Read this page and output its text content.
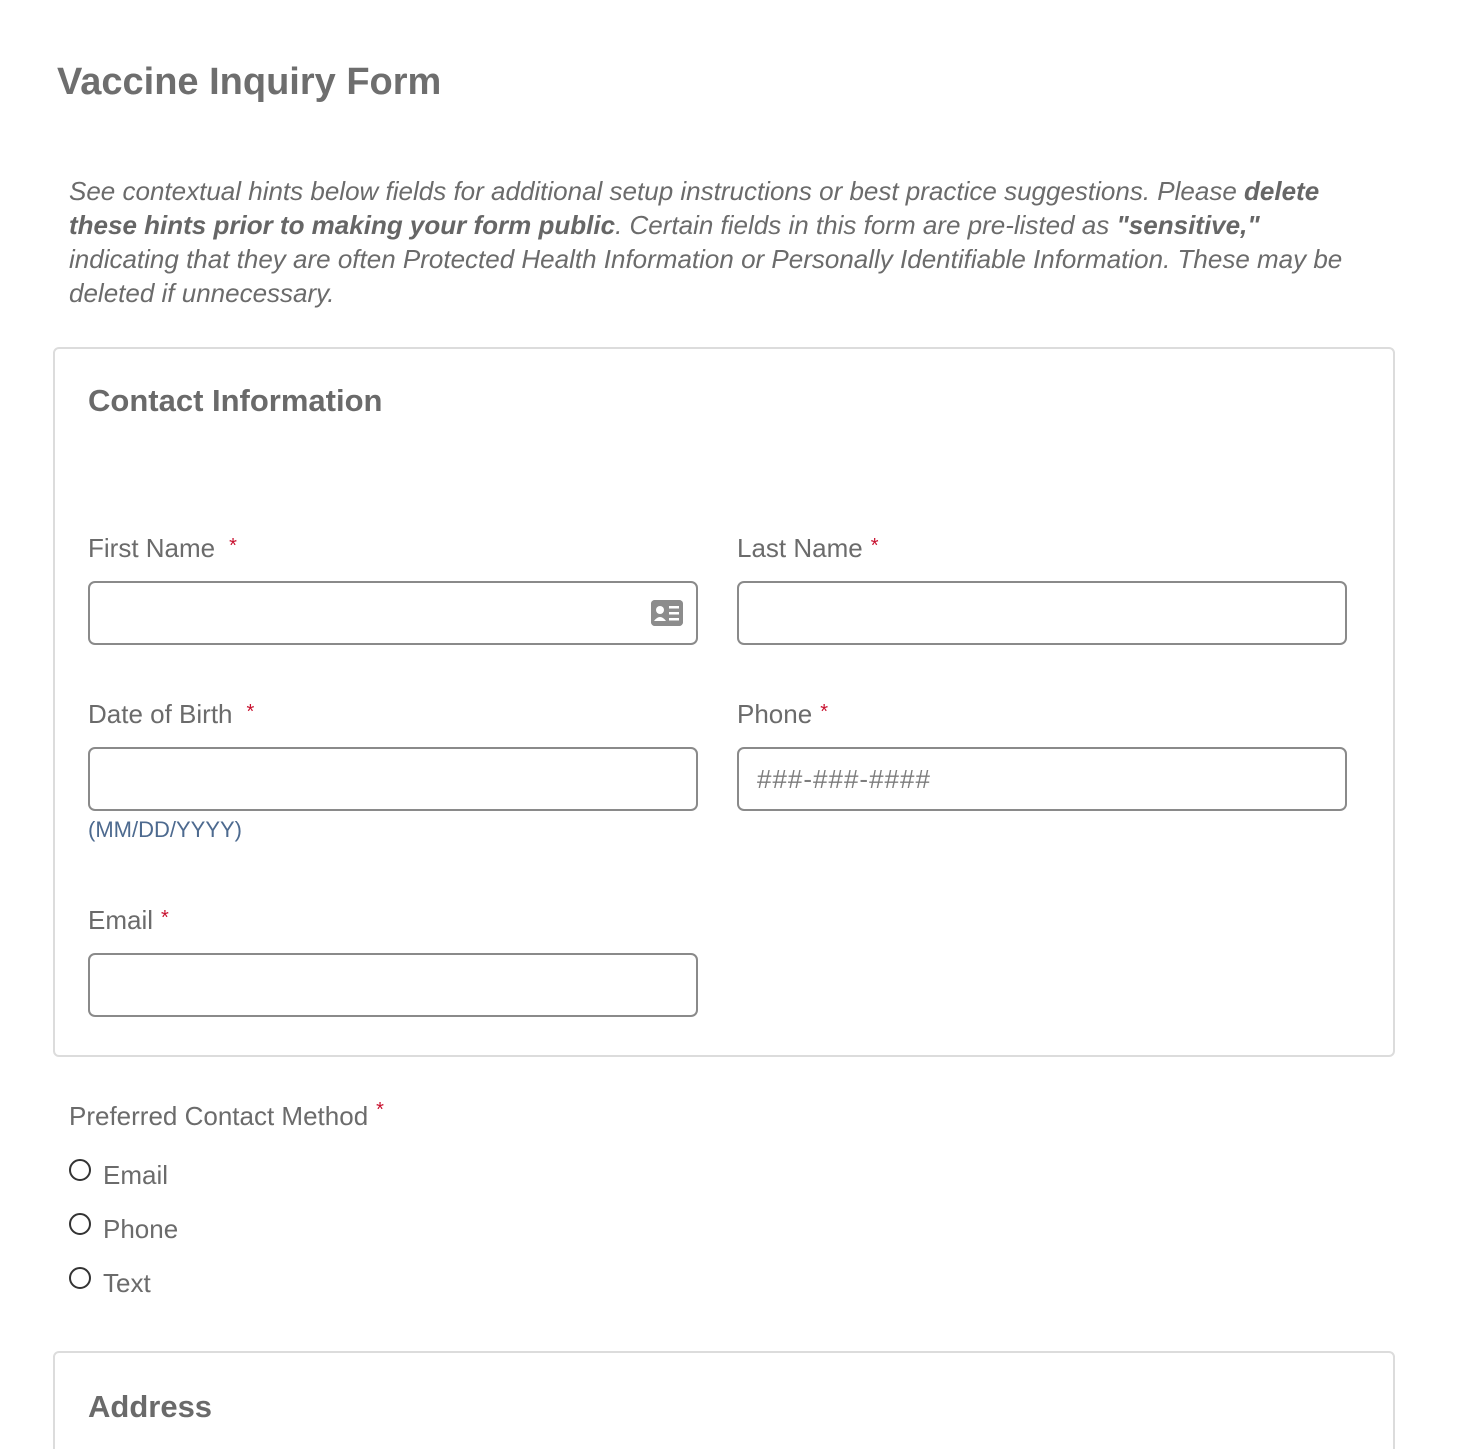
Vaccine Inquiry Form

See contextual hints below fields for additional setup instructions or best practice suggestions. Please delete these hints prior to making your form public. Certain fields in this form are pre-listed as "sensitive," indicating that they are often Protected Health Information or Personally Identifiable Information. These may be deleted if unnecessary.

Contact Information
First Name *	Last Name *
Date of Birth *
(MM/DD/YYYY)
Phone *
###-###-####
Email *
Preferred Contact Method *
Email
Phone
Text
Address
